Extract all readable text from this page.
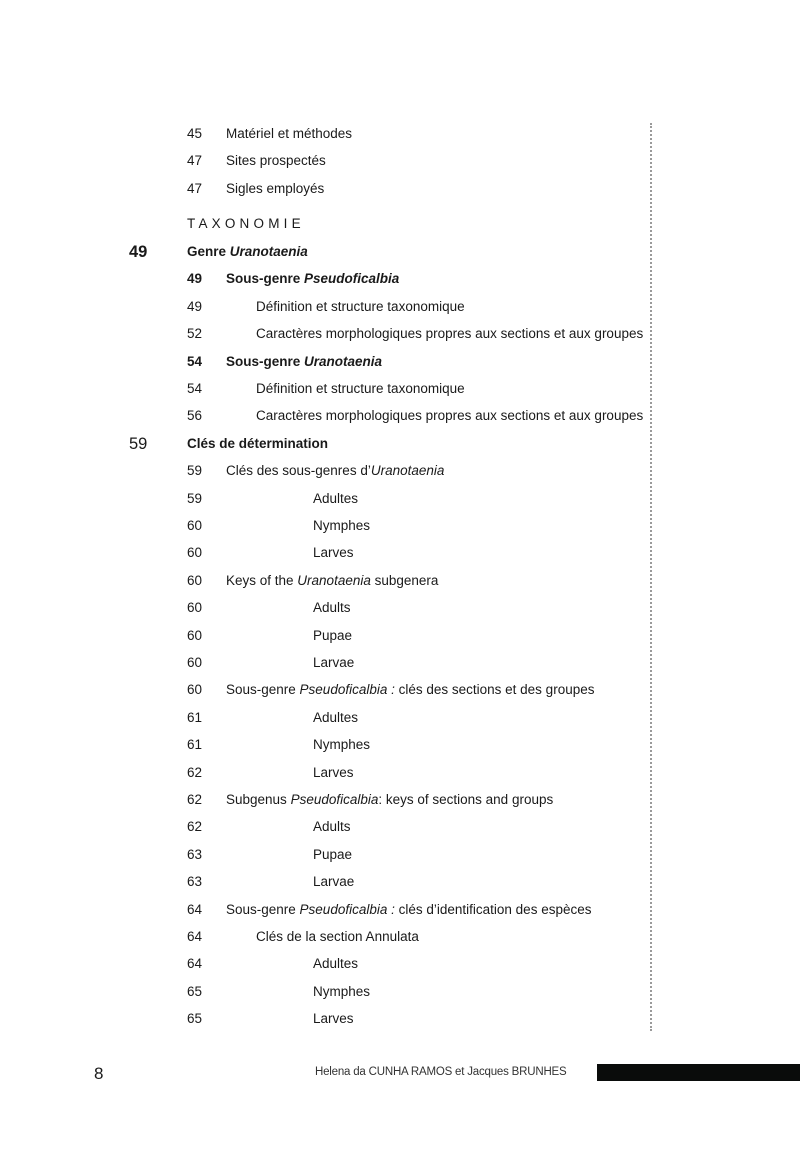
45 Matériel et méthodes
47 Sites prospectés
47 Sigles employés
TAXONOMIE
49	Genre Uranotaenia
49 Sous-genre Pseudoficalbia
49	Définition et structure taxonomique
52	Caractères morphologiques propres aux sections et aux groupes
54 Sous-genre Uranotaenia
54	Définition et structure taxonomique
56	Caractères morphologiques propres aux sections et aux groupes
59	Clés de détermination
59 Clés des sous-genres d’Uranotaenia
59	Adultes
60	Nymphes
60	Larves
60 Keys of the Uranotaenia subgenera
60	Adults
60	Pupae
60	Larvae
60 Sous-genre Pseudoficalbia : clés des sections et des groupes
61	Adultes
61	Nymphes
62	Larves
62 Subgenus Pseudoficalbia: keys of sections and groups
62	Adults
63	Pupae
63	Larvae
64 Sous-genre Pseudoficalbia : clés d’identification des espèces
64	Clés de la section Annulata
64	Adultes
65	Nymphes
65	Larves
8	Helena da CUNHA RAMOS et Jacques BRUNHES
